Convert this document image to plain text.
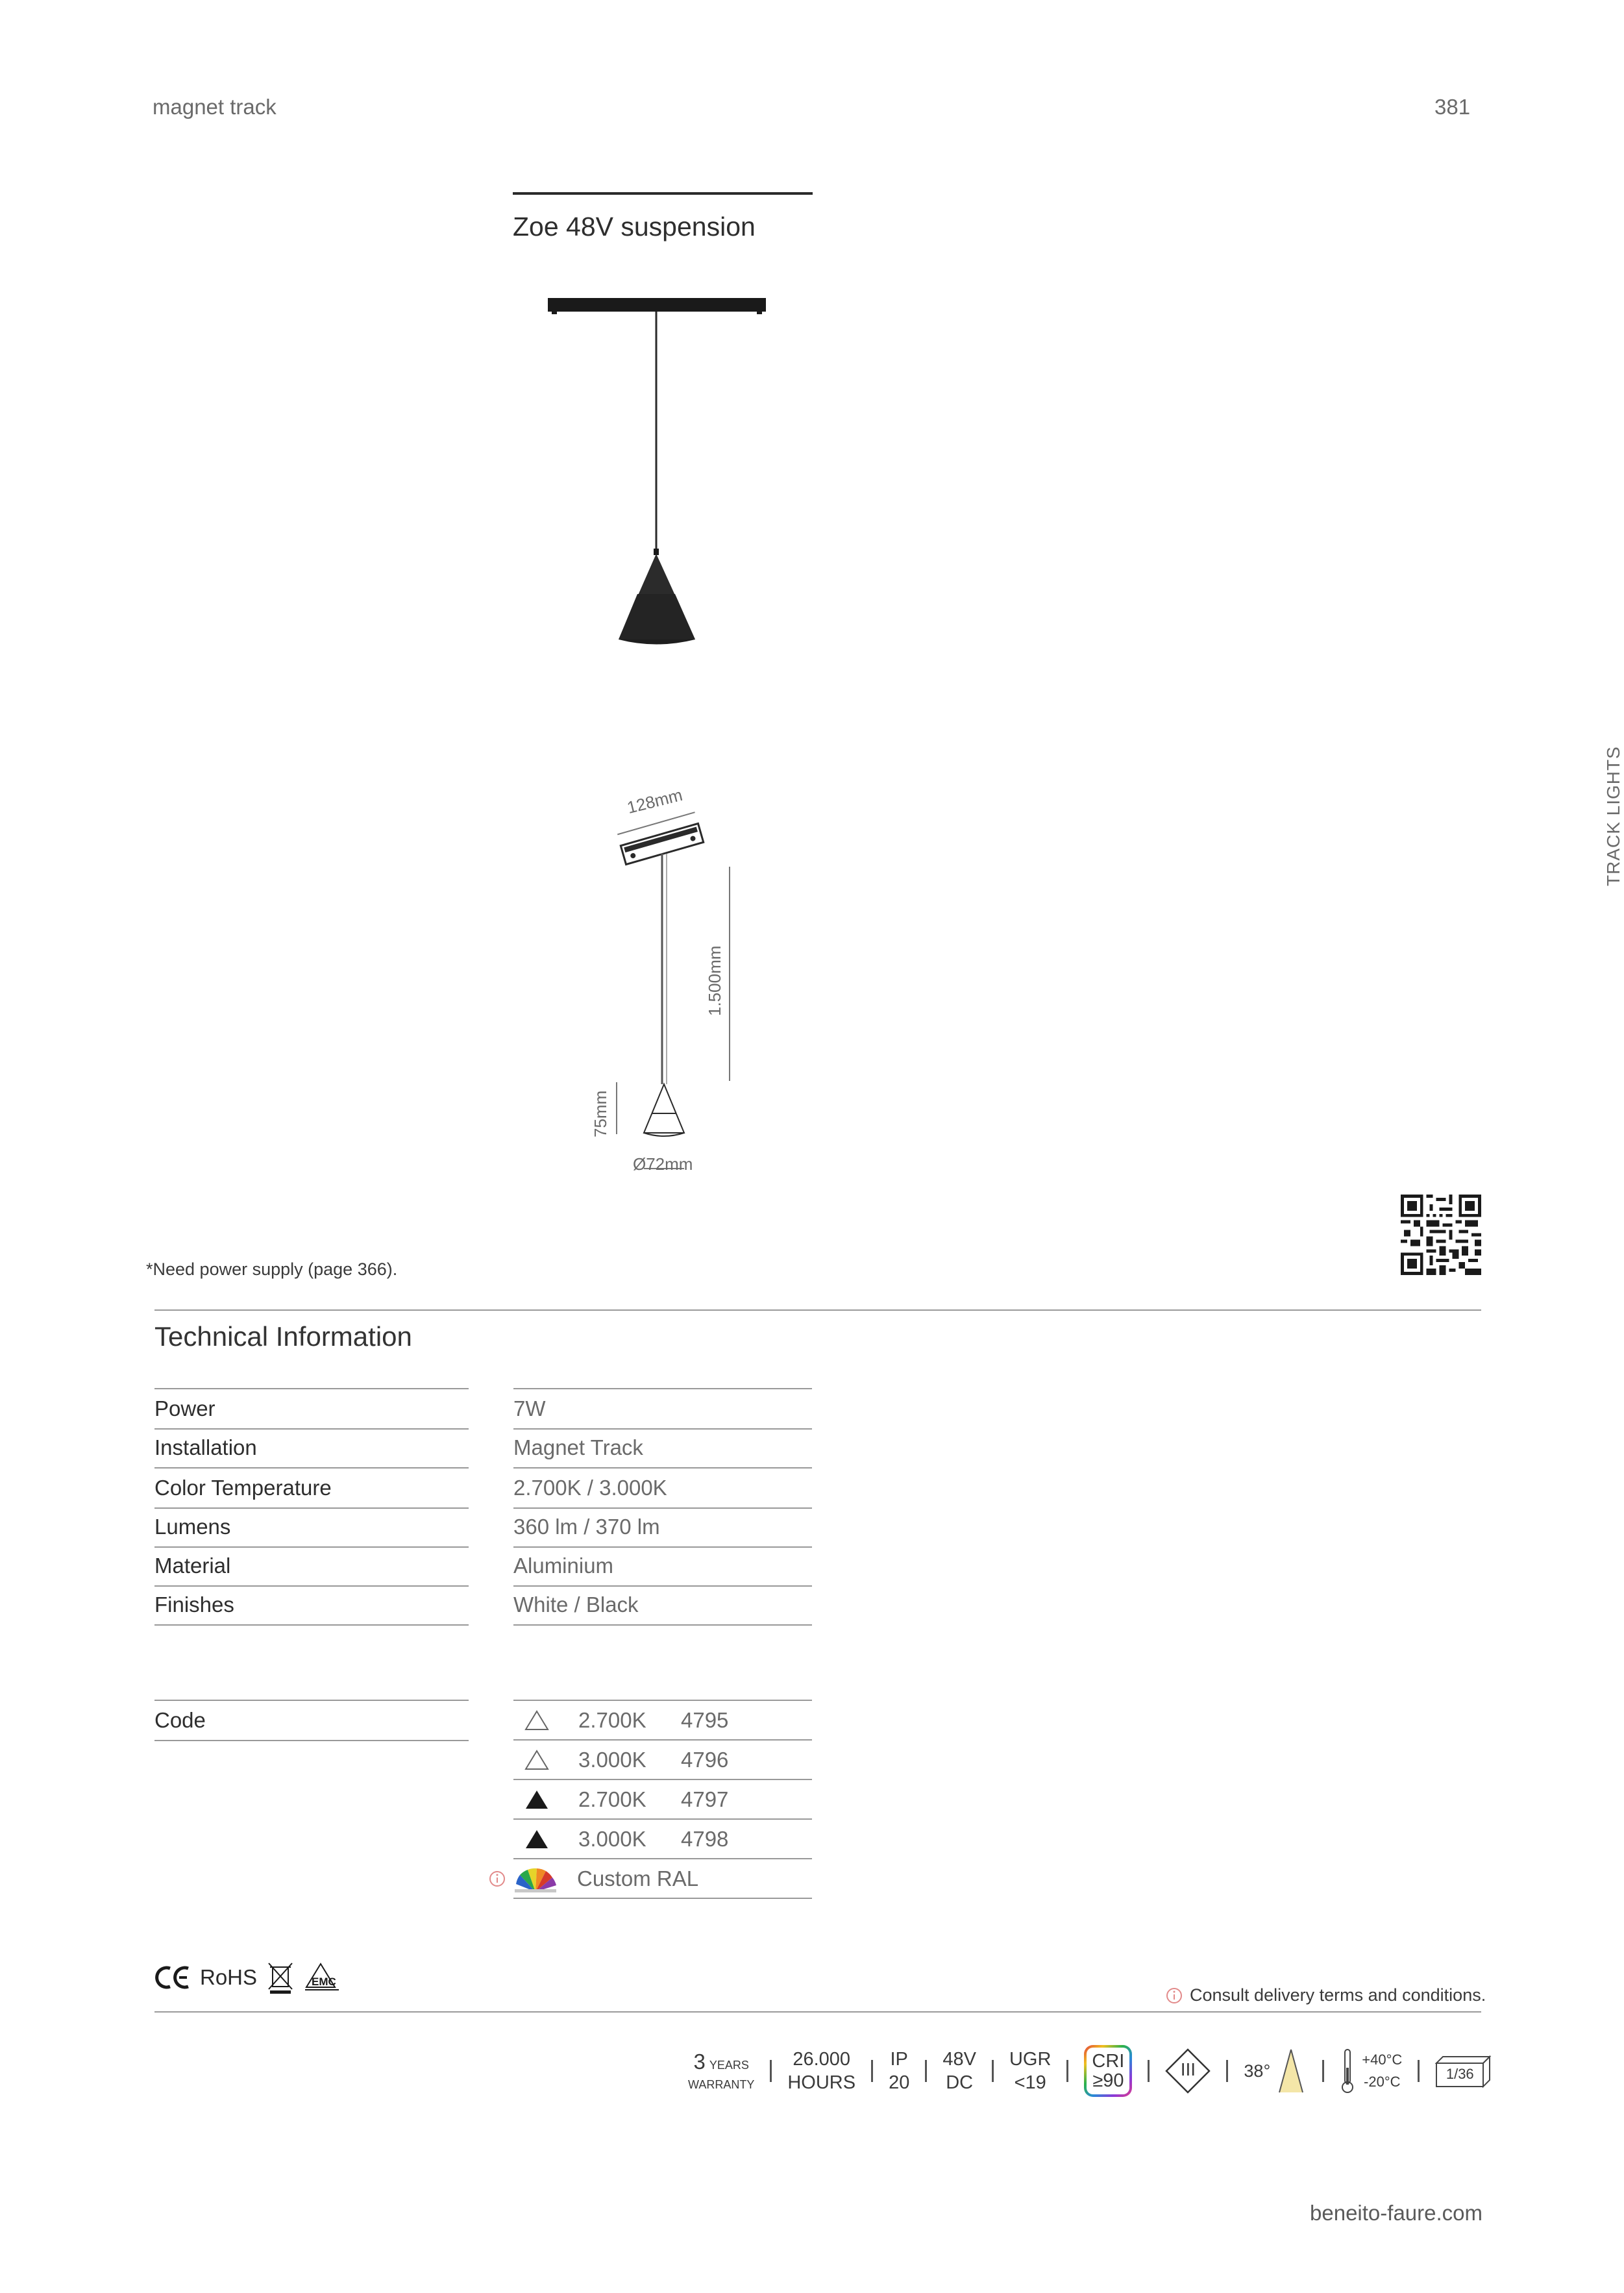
magnet track	381
Zoe 48V suspension
128mm
1.500mm
75mm
Ø72mm
TRACK LIGHTS
*Need power supply (page 366).
Technical Information
Power	7W
Installation	Magnet Track
Color Temperature	2.700K / 3.000K
Lumens	360 lm / 370 lm
Material	Aluminium
Finishes	White / Black
Code	2.700K	4795
3.000K	4796
2.700K	4797
3.000K	4798
Custom RAL
RoHS	EMC
Consult delivery terms and conditions.
3 YEARS
WARRANTY
26.000
HOURS
IP
20
48V
DC
UGR
<19
CRI
≥90
III	38°
+40°C
-20°C	1/36
beneito-faure.com
